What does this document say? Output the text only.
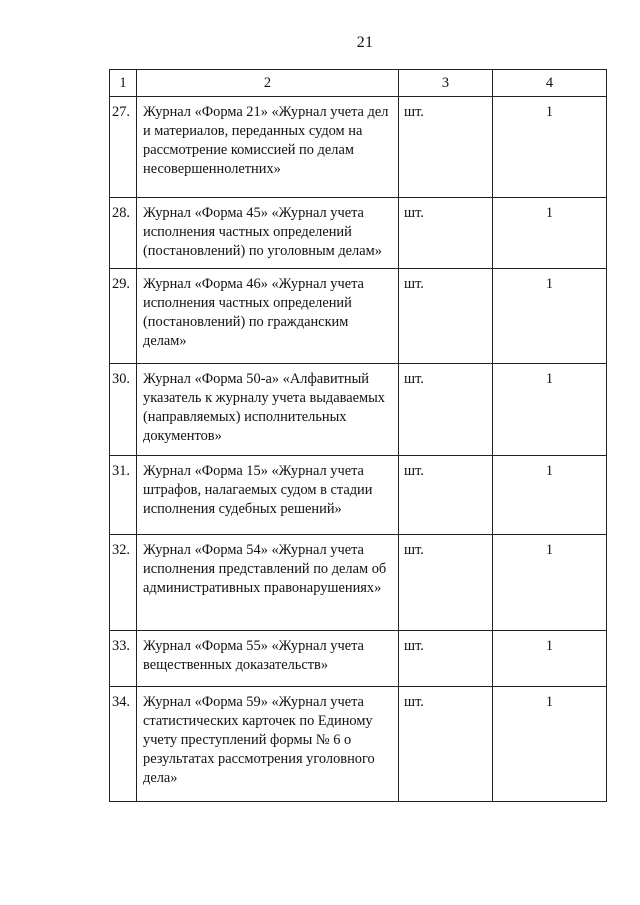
21
1	2	3	4
27.	Журнал «Форма 21» «Журнал учета дел и материалов, переданных судом на рассмотрение комиссией по делам несовершеннолетних»	шт.	1
28.	Журнал «Форма 45» «Журнал учета исполнения частных определений (постановлений) по уголовным делам»	шт.	1
29.	Журнал «Форма 46» «Журнал учета исполнения частных определений (постановлений) по гражданским делам»	шт.	1
30.	Журнал «Форма 50-а» «Алфавитный указатель к журналу учета выдаваемых (направляемых) исполнительных документов»	шт.	1
31.	Журнал «Форма 15» «Журнал учета штрафов, налагаемых судом в стадии исполнения судебных решений»	шт.	1
32.	Журнал «Форма 54» «Журнал учета исполнения представлений по делам об административных правонарушениях»	шт.	1
33.	Журнал «Форма 55» «Журнал учета вещественных доказательств»	шт.	1
34.	Журнал «Форма 59» «Журнал учета статистических карточек по Единому учету преступлений формы № 6 о результатах рассмотрения уголовного дела»	шт.	1
